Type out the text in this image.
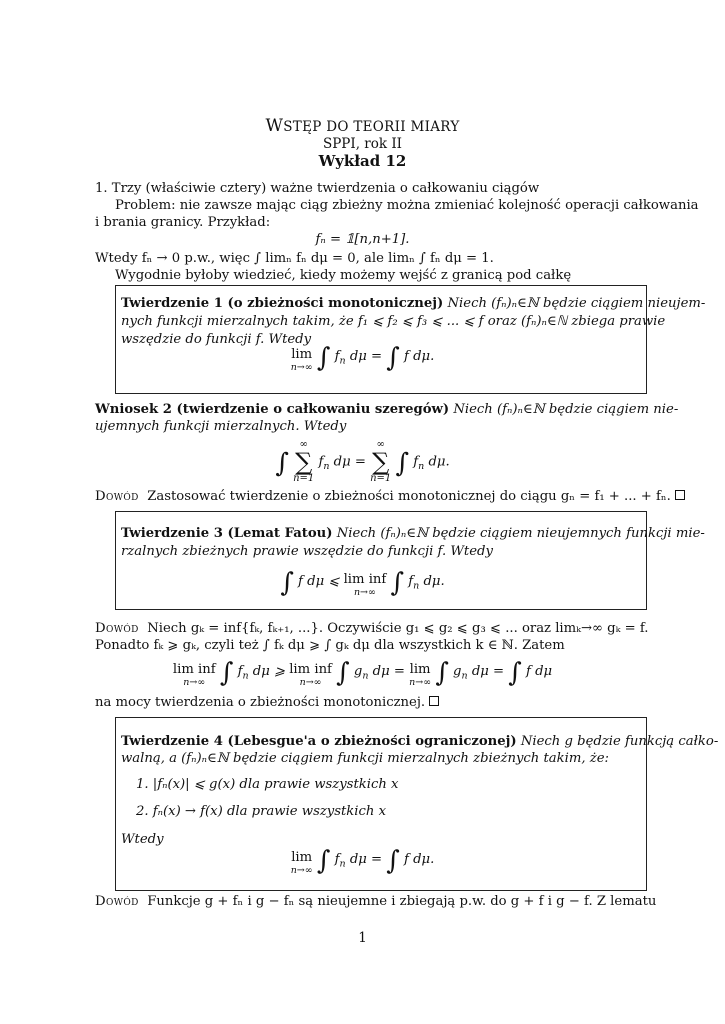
WSTĘP DO TEORII MIARY
SPPI, rok II
Wykład 12
1. Trzy (właściwie cztery) ważne twierdzenia o całkowaniu ciągów
Problem: nie zawsze mając ciąg zbieżny można zmieniać kolejność operacji całkowania
i brania granicy. Przykład:
fₙ = 𝟙[n,n+1].
Wtedy fₙ → 0 p.w., więc ∫ limₙ fₙ dμ = 0, ale limₙ ∫ fₙ dμ = 1.
Wygodnie byłoby wiedzieć, kiedy możemy wejść z granicą pod całkę
Twierdzenie 1 (o zbieżności monotonicznej) Niech (fₙ)ₙ∈ℕ będzie ciągiem nieujem-
nych funkcji mierzalnych takim, że f₁ ⩽ f₂ ⩽ f₃ ⩽ ... ⩽ f oraz (fₙ)ₙ∈ℕ zbiega prawie
wszędzie do funkcji f. Wtedy
lim
n→∞ ∫ $f_n$ dμ = ∫ f dμ.
Wniosek 2 (twierdzenie o całkowaniu szeregów) Niech (fₙ)ₙ∈ℕ będzie ciągiem nie-
ujemnych funkcji mierzalnych. Wtedy
∫
∞
∑
n=1
$f_n$ dμ =
∞
∑
n=1 ∫ $f_n$ dμ.
Dowód Zastosować twierdzenie o zbieżności monotonicznej do ciągu gₙ = f₁ + ... + fₙ.
Twierdzenie 3 (Lemat Fatou) Niech (fₙ)ₙ∈ℕ będzie ciągiem nieujemnych funkcji mie-
rzalnych zbieżnych prawie wszędzie do funkcji f. Wtedy
∫ f dμ ⩽ lim inf
n→∞ ∫ $f_n$ dμ.
Dowód Niech gₖ = inf{fₖ, fₖ₊₁, ...}. Oczywiście g₁ ⩽ g₂ ⩽ g₃ ⩽ ... oraz limₖ→∞ gₖ = f.
Ponadto fₖ ⩾ gₖ, czyli też ∫ fₖ dμ ⩾ ∫ gₖ dμ dla wszystkich k ∈ ℕ. Zatem
lim inf
n→∞ ∫ $f_n$ dμ ⩾ lim inf
n→∞ ∫ $g_n$ dμ = lim
n→∞ ∫ $g_n$ dμ = ∫ f dμ
na mocy twierdzenia o zbieżności monotonicznej.
Twierdzenie 4 (Lebesgue'a o zbieżności ograniczonej) Niech g będzie funkcją całko-
walną, a (fₙ)ₙ∈ℕ będzie ciągiem funkcji mierzalnych zbieżnych takim, że:
1. |fₙ(x)| ⩽ g(x) dla prawie wszystkich x
2. fₙ(x) → f(x) dla prawie wszystkich x
Wtedy
lim
n→∞ ∫ $f_n$ dμ = ∫ f dμ.
Dowód Funkcje g + fₙ i g − fₙ są nieujemne i zbiegają p.w. do g + f i g − f. Z lematu
1
